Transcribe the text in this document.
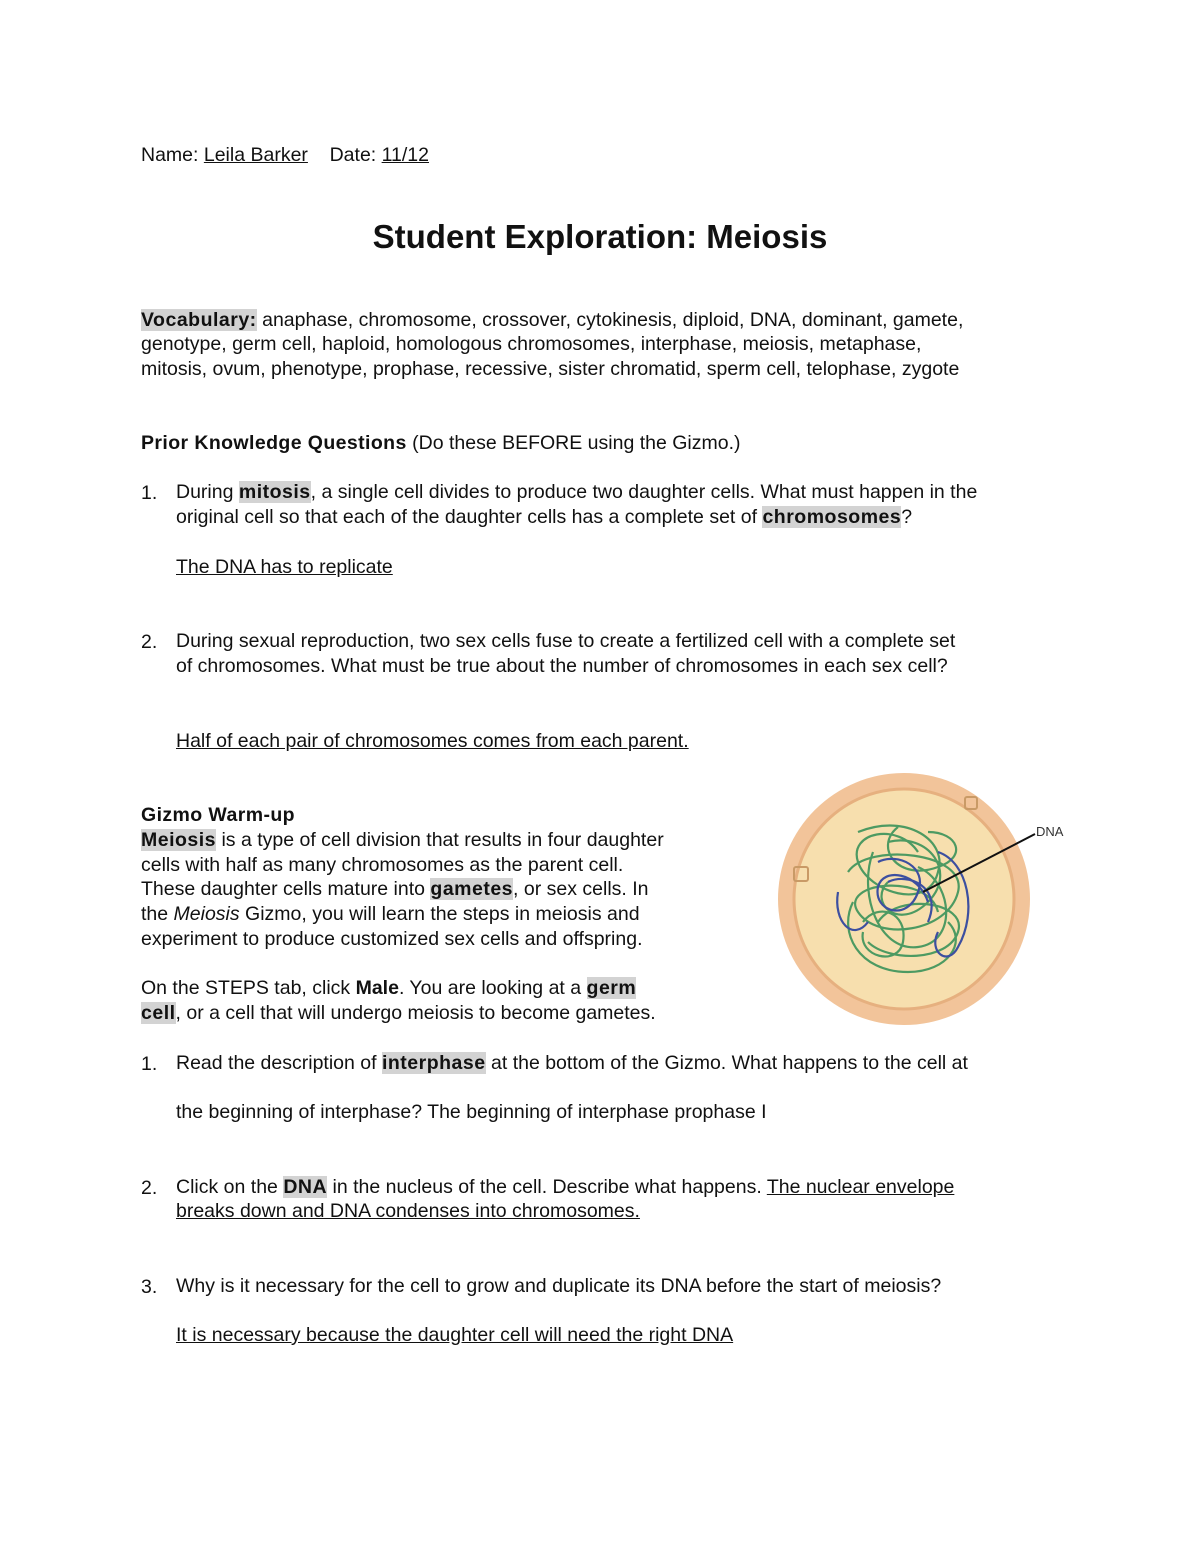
Name: Leila Barker Date: 11/12
Student Exploration: Meiosis
Vocabulary: anaphase, chromosome, crossover, cytokinesis, diploid, DNA, dominant, gamete,
genotype, germ cell, haploid, homologous chromosomes, interphase, meiosis, metaphase,
mitosis, ovum, phenotype, prophase, recessive, sister chromatid, sperm cell, telophase, zygote
Prior Knowledge Questions (Do these BEFORE using the Gizmo.)
1. During mitosis, a single cell divides to produce two daughter cells. What must happen in the
original cell so that each of the daughter cells has a complete set of chromosomes?
The DNA has to replicate
2. During sexual reproduction, two sex cells fuse to create a fertilized cell with a complete set
of chromosomes. What must be true about the number of chromosomes in each sex cell?
Half of each pair of chromosomes comes from each parent.
Gizmo Warm-up
Meiosis is a type of cell division that results in four daughter
cells with half as many chromosomes as the parent cell.
These daughter cells mature into gametes, or sex cells. In
the Meiosis Gizmo, you will learn the steps in meiosis and
experiment to produce customized sex cells and offspring.
On the STEPS tab, click Male. You are looking at a germ
cell, or a cell that will undergo meiosis to become gametes.
DNA
1. Read the description of interphase at the bottom of the Gizmo. What happens to the cell at
the beginning of interphase? The beginning of interphase prophase I
2. Click on the DNA in the nucleus of the cell. Describe what happens. The nuclear envelope
breaks down and DNA condenses into chromosomes.
3. Why is it necessary for the cell to grow and duplicate its DNA before the start of meiosis?
It is necessary because the daughter cell will need the right DNA
